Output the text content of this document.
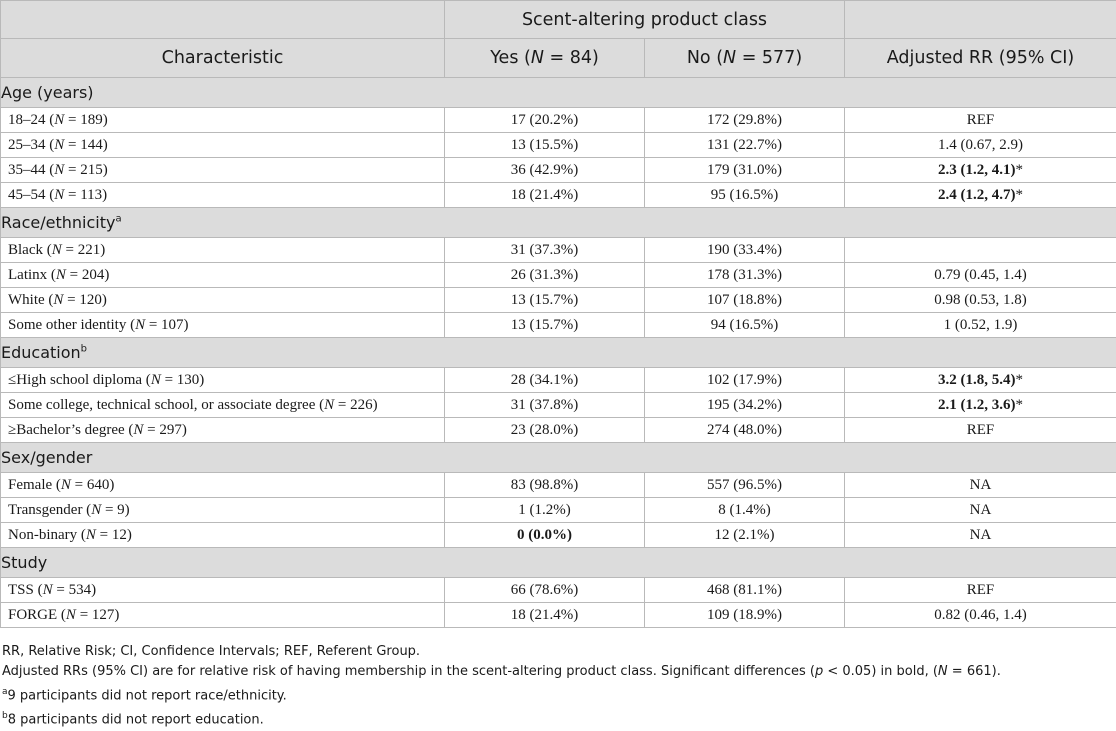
	Scent-altering product class		
Characteristic	Yes (N = 84)	No (N = 577)	Adjusted RR (95% CI)
Age (years)			
18–24 (N = 189)	17 (20.2%)	172 (29.8%)	REF
25–34 (N = 144)	13 (15.5%)	131 (22.7%)	1.4 (0.67, 2.9)
35–44 (N = 215)	36 (42.9%)	179 (31.0%)	2.3 (1.2, 4.1)*
45–54 (N = 113)	18 (21.4%)	95 (16.5%)	2.4 (1.2, 4.7)*
Race/ethnicity$^a$
Black (N = 221)	31 (37.3%)	190 (33.4%)	
Latinx (N = 204)	26 (31.3%)	178 (31.3%)	0.79 (0.45, 1.4)
White (N = 120)	13 (15.7%)	107 (18.8%)	0.98 (0.53, 1.8)
Some other identity (N = 107)	13 (15.7%)	94 (16.5%)	1 (0.52, 1.9)
Education$^b$
≤High school diploma (N = 130)	28 (34.1%)	102 (17.9%)	3.2 (1.8, 5.4)*
Some college, technical school, or associate degree (N = 226)	31 (37.8%)	195 (34.2%)	2.1 (1.2, 3.6)*
≥Bachelor’s degree (N = 297)	23 (28.0%)	274 (48.0%)	REF
Sex/gender			
Female (N = 640)	83 (98.8%)	557 (96.5%)	NA
Transgender (N = 9)	1 (1.2%)	8 (1.4%)	NA
Non-binary (N = 12)	0 (0.0%)	12 (2.1%)	NA
Study			
TSS (N = 534)	66 (78.6%)	468 (81.1%)	REF
FORGE (N = 127)	18 (21.4%)	109 (18.9%)	0.82 (0.46, 1.4)
RR, Relative Risk; CI, Confidence Intervals; REF, Referent Group.
Adjusted RRs (95% CI) are for relative risk of having membership in the scent-altering product class. Significant differences (p < 0.05) in bold, (N = 661).
$^a$9 participants did not report race/ethnicity.
$^b$8 participants did not report education.
